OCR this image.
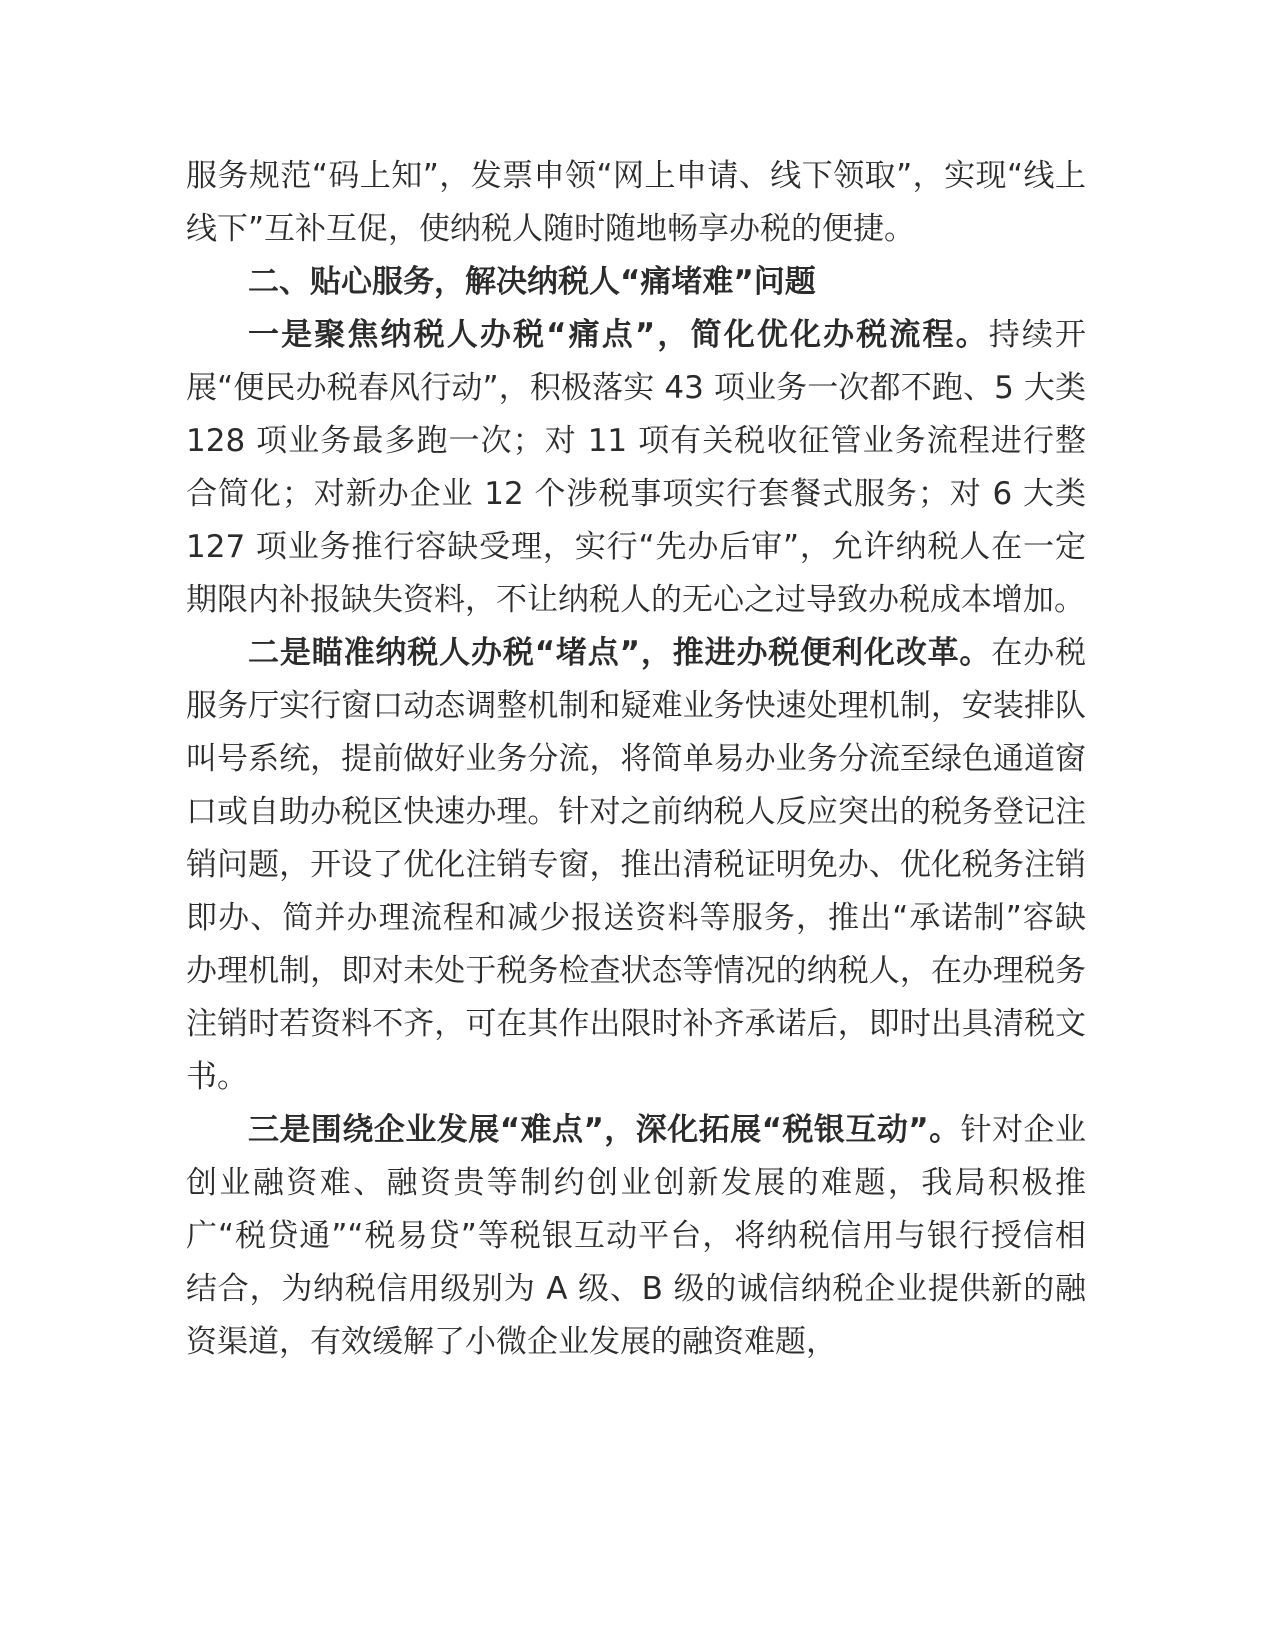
服务规范“码上知”，发票申领“网上申请、线下领取”，实现“线上线下”互补互促，使纳税人随时随地畅享办税的便捷。

二、贴心服务，解决纳税人“痛堵难”问题

一是聚焦纳税人办税“痛点”，简化优化办税流程。持续开展“便民办税春风行动”，积极落实 43 项业务一次都不跑、5 大类 128 项业务最多跑一次；对 11 项有关税收征管业务流程进行整合简化；对新办企业 12 个涉税事项实行套餐式服务；对 6 大类 127 项业务推行容缺受理，实行“先办后审”，允许纳税人在一定期限内补报缺失资料，不让纳税人的无心之过导致办税成本增加。

二是瞄准纳税人办税“堵点”，推进办税便利化改革。在办税服务厅实行窗口动态调整机制和疑难业务快速处理机制，安装排队叫号系统，提前做好业务分流，将简单易办业务分流至绿色通道窗口或自助办税区快速办理。针对之前纳税人反应突出的税务登记注销问题，开设了优化注销专窗，推出清税证明免办、优化税务注销即办、简并办理流程和减少报送资料等服务，推出“承诺制”容缺办理机制，即对未处于税务检查状态等情况的纳税人，在办理税务注销时若资料不齐，可在其作出限时补齐承诺后，即时出具清税文书。

三是围绕企业发展“难点”，深化拓展“税银互动”。针对企业创业融资难、融资贵等制约创业创新发展的难题，我局积极推广“税贷通”“税易贷”等税银互动平台，将纳税信用与银行授信相结合，为纳税信用级别为 A 级、B 级的诚信纳税企业提供新的融资渠道，有效缓解了小微企业发展的融资难题，
